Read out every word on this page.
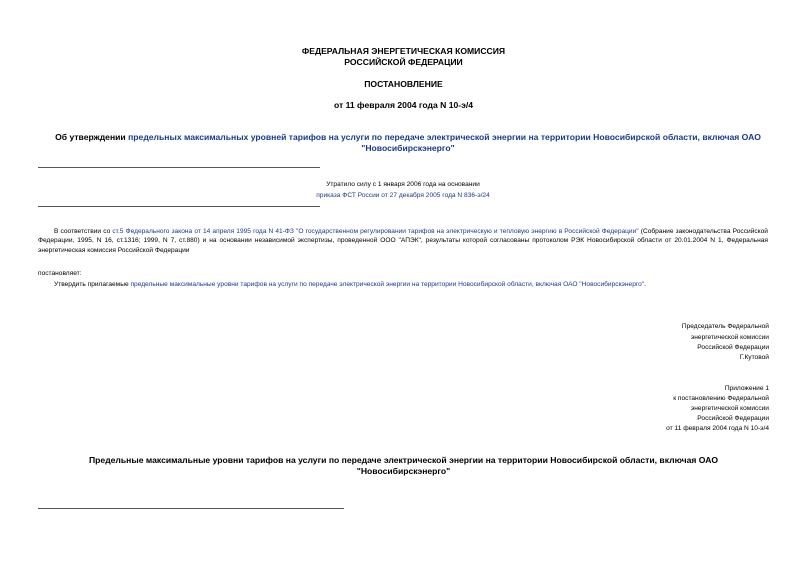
ФЕДЕРАЛЬНАЯ ЭНЕРГЕТИЧЕСКАЯ КОМИССИЯ
РОССИЙСКОЙ ФЕДЕРАЦИИ
ПОСТАНОВЛЕНИЕ
от 11 февраля 2004 года N 10-э/4
Об утверждении предельных максимальных уровней тарифов на услуги по передаче электрической энергии на территории Новосибирской области, включая ОАО "Новосибирскэнерго"
Утратило силу с 1 января 2006 года на основании
приказа ФСТ России от 27 декабря 2005 года N 836-э/24
В соответствии со ст.5 Федерального закона от 14 апреля 1995 года N 41-ФЗ "О государственном регулировании тарифов на электрическую и тепловую энергию в Российской Федерации" (Собрание законодательства Российской Федерации, 1995, N 16, ст.1316; 1999, N 7, ст.880) и на основании независимой экспертизы, проведенной ООО "АПЭК", результаты которой согласованы протоколом РЭК Новосибирской области от 20.01.2004 N 1, Федеральная энергетическая комиссия Российской Федерации
постановляет:
Утвердить прилагаемые предельные максимальные уровни тарифов на услуги по передаче электрической энергии на территории Новосибирской области, включая ОАО "Новосибирскэнерго".
Председатель Федеральной
энергетической комиссии
Российской Федерации
Г.Кутовой
Приложение 1
к постановлению Федеральной
энергетической комиссии
Российской Федерации
от 11 февраля 2004 года N 10-э/4
Предельные максимальные уровни тарифов на услуги по передаче электрической энергии на территории Новосибирской области, включая ОАО "Новосибирскэнерго"
